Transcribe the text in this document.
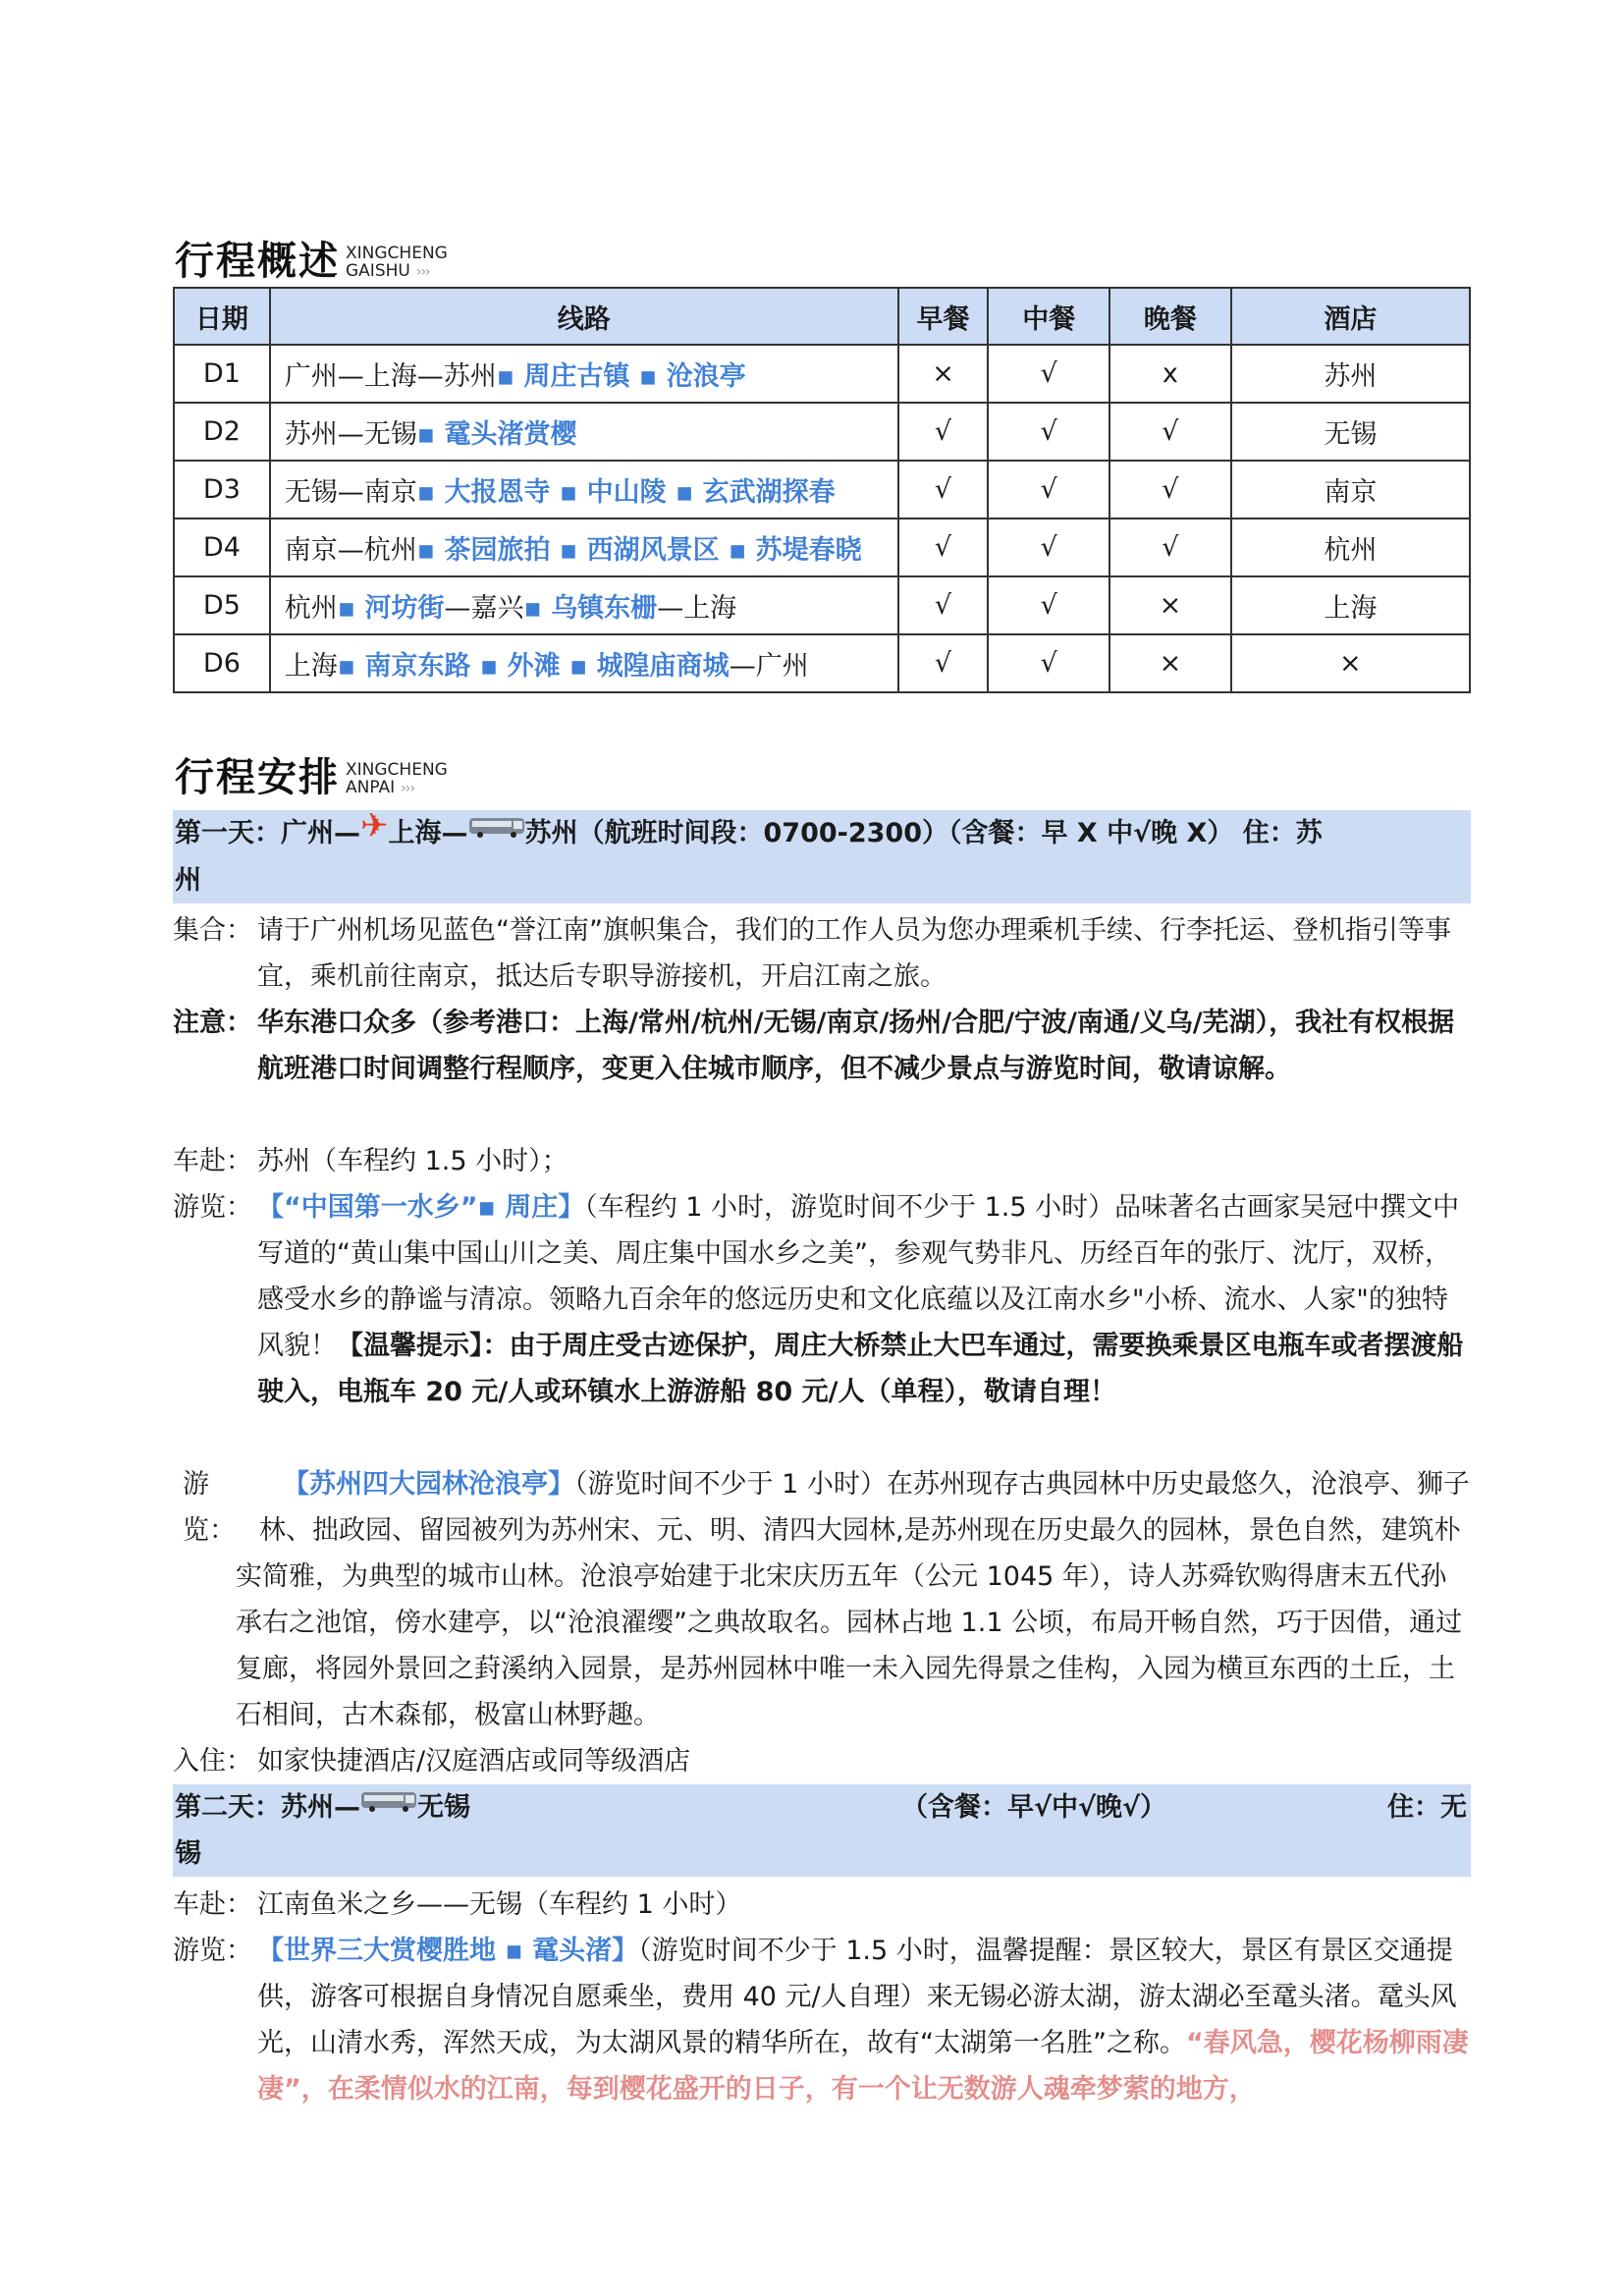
行程概述 XINGCHENG
GAISHU ›››
日期	线路	早餐	中餐	晚餐	酒店
D1	广州—上海—苏州▪ 周庄古镇 ▪ 沧浪亭	×	√	x	苏州
D2	苏州—无锡▪ 鼋头渚赏樱	√	√	√	无锡
D3	无锡—南京▪ 大报恩寺 ▪ 中山陵 ▪ 玄武湖探春	√	√	√	南京
D4	南京—杭州▪ 茶园旅拍 ▪ 西湖风景区 ▪ 苏堤春晓	√	√	√	杭州
D5	杭州▪ 河坊街—嘉兴▪ 乌镇东栅—上海	√	√	×	上海
D6	上海▪ 南京东路 ▪ 外滩 ▪ 城隍庙商城—广州	√	√	×	×
行程安排 XINGCHENG
ANPAI ›››
第一天：广州—✈上海— 苏州（航班时间段：0700-2300）（含餐：早 X 中√晚 X） 住：苏
州
集合： 请于广州机场见蓝色“誉江南”旗帜集合，我们的工作人员为您办理乘机手续、行李托运、登机指引等事宜，乘机前往南京，抵达后专职导游接机，开启江南之旅。
注意： 华东港口众多（参考港口：上海/常州/杭州/无锡/南京/扬州/合肥/宁波/南通/义乌/芜湖），我社有权根据航班港口时间调整行程顺序，变更入住城市顺序，但不减少景点与游览时间，敬请谅解。
车赴： 苏州（车程约 1.5 小时）；
游览： 【“中国第一水乡”▪ 周庄】（车程约 1 小时，游览时间不少于 1.5 小时）品味著名古画家吴冠中撰文中写道的“黄山集中国山川之美、周庄集中国水乡之美”，参观气势非凡、历经百年的张厅、沈厅，双桥，感受水乡的静谧与清凉。领略九百余年的悠远历史和文化底蕴以及江南水乡"小桥、流水、人家"的独特风貌！【温馨提示】：由于周庄受古迹保护，周庄大桥禁止大巴车通过，需要换乘景区电瓶车或者摆渡船驶入，电瓶车 20 元/人或环镇水上游游船 80 元/人（单程），敬请自理！
游览：
【苏州四大园林沧浪亭】（游览时间不少于 1 小时）在苏州现存古典园林中历史最悠久，沧浪亭、狮子林、拙政园、留园被列为苏州宋、元、明、清四大园林,是苏州现在历史最久的园林，景色自然，建筑朴实简雅，为典型的城市山林。沧浪亭始建于北宋庆历五年（公元 1045 年），诗人苏舜钦购得唐末五代孙承右之池馆，傍水建亭，以“沧浪濯缨”之典故取名。园林占地 1.1 公顷，布局开畅自然，巧于因借，通过复廊，将园外景回之葑溪纳入园景，是苏州园林中唯一未入园先得景之佳构，入园为横亘东西的土丘，土石相间，古木森郁，极富山林野趣。
入住： 如家快捷酒店/汉庭酒店或同等级酒店
第二天：苏州— 无锡	（含餐：早√中√晚√）	住：无
锡
车赴： 江南鱼米之乡——无锡（车程约 1 小时）
游览： 【世界三大赏樱胜地 ▪ 鼋头渚】（游览时间不少于 1.5 小时，温馨提醒：景区较大，景区有景区交通提供，游客可根据自身情况自愿乘坐，费用 40 元/人自理）来无锡必游太湖，游太湖必至鼋头渚。鼋头风光，山清水秀，浑然天成，为太湖风景的精华所在，故有“太湖第一名胜”之称。“春风急，樱花杨柳雨凄凄”，在柔情似水的江南，每到樱花盛开的日子，有一个让无数游人魂牵梦萦的地方，
